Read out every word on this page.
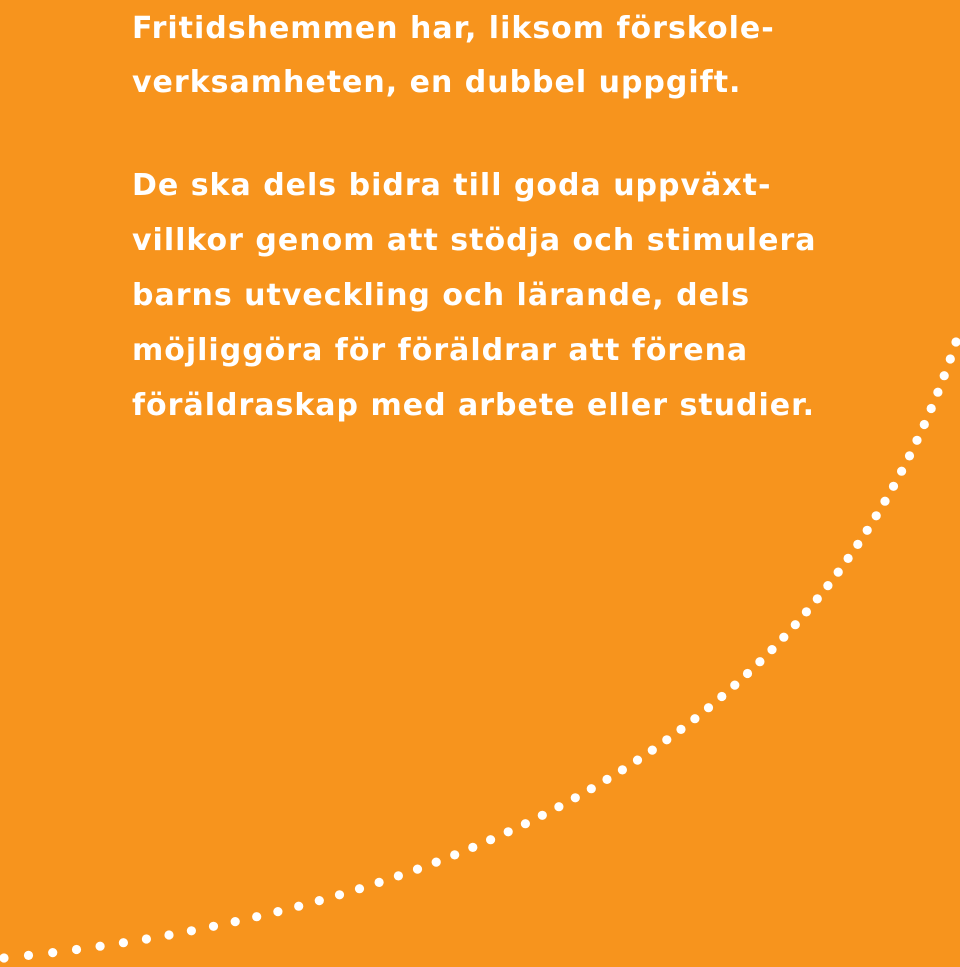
Fritidshemmen har, liksom förskole-
verksamheten, en dubbel uppgift.
De ska dels bidra till goda uppväxt-
villkor genom att stödja och stimulera
barns utveckling och lärande, dels
möjliggöra för föräldrar att förena
föräldraskap med arbete eller studier.
